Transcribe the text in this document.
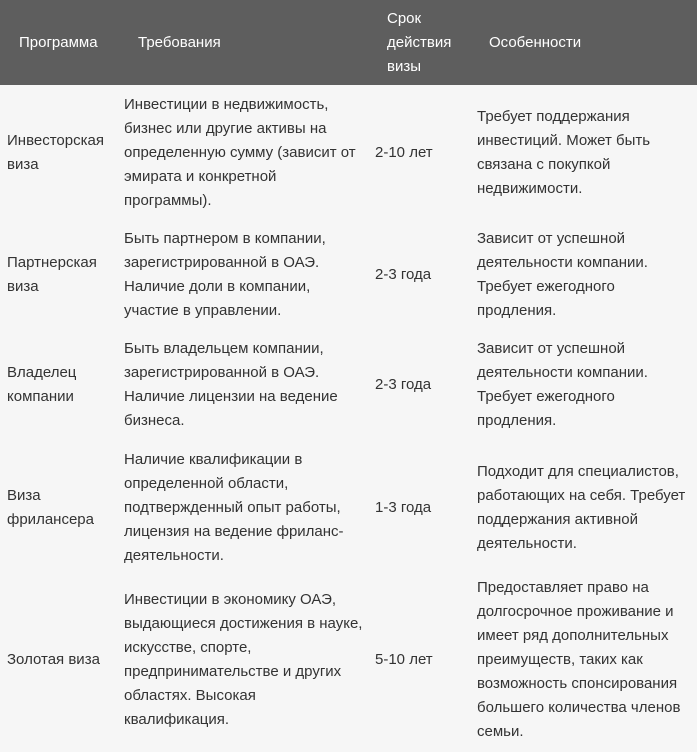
Программа	Требования
Срок действия визы
Особенности
Инвесторская виза
Инвестиции в недвижимость, бизнес или другие активы на определенную сумму (зависит от эмирата и конкретной программы).
2-10 лет
Требует поддержания инвестиций. Может быть связана с покупкой недвижимости.
Партнерская виза
Быть партнером в компании, зарегистрированной в ОАЭ. Наличие доли в компании, участие в управлении.
2-3 года
Зависит от успешной деятельности компании. Требует ежегодного продления.
Владелец компании
Быть владельцем компании, зарегистрированной в ОАЭ. Наличие лицензии на ведение бизнеса.
2-3 года
Зависит от успешной деятельности компании. Требует ежегодного продления.
Виза фрилансера
Наличие квалификации в определенной области, подтвержденный опыт работы, лицензия на ведение фриланс-деятельности.
1-3 года
Подходит для специалистов, работающих на себя. Требует поддержания активной деятельности.
Золотая виза
Инвестиции в экономику ОАЭ, выдающиеся достижения в науке, искусстве, спорте, предпринимательстве и других областях. Высокая квалификация.
5-10 лет
Предоставляет право на долгосрочное проживание и имеет ряд дополнительных преимуществ, таких как возможность спонсирования большего количества членов семьи.
